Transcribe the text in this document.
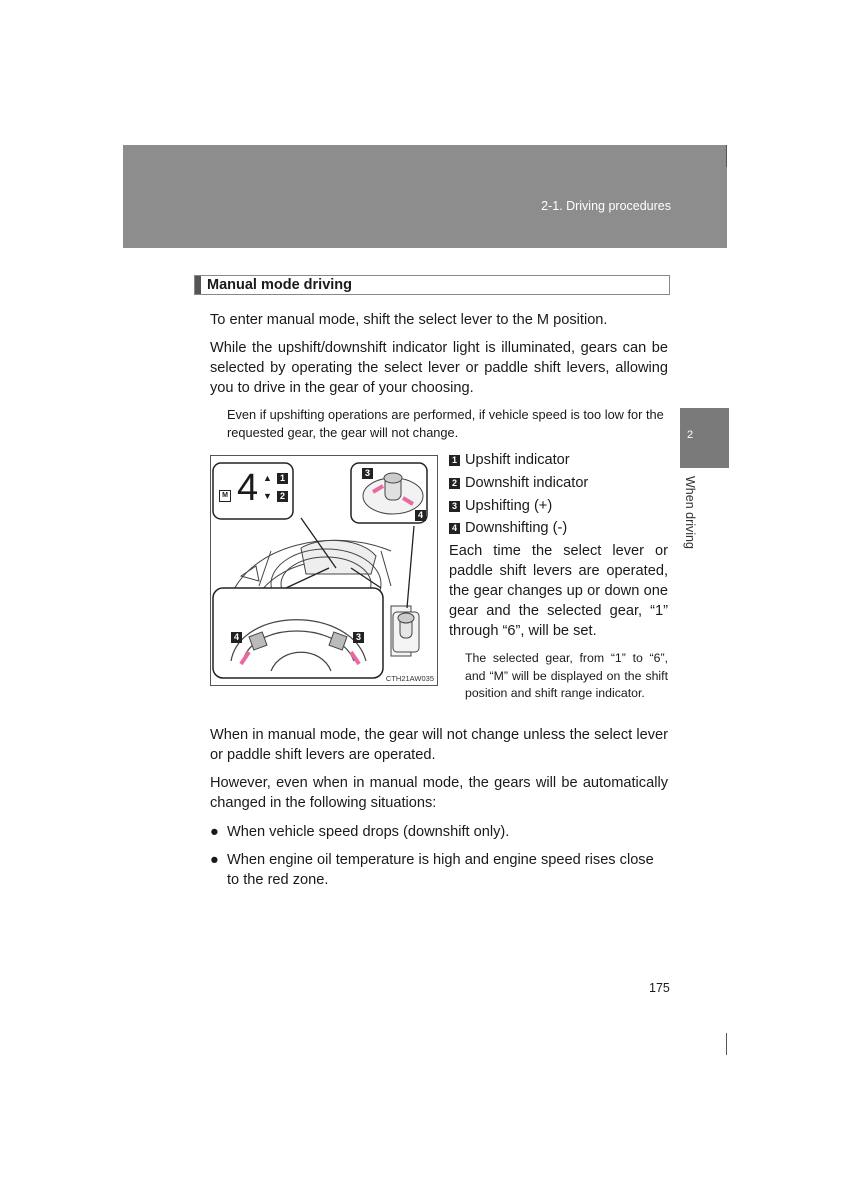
2-1. Driving procedures
2
When driving
Manual mode driving

To enter manual mode, shift the select lever to the M position.

While the upshift/downshift indicator light is illuminated, gears can be selected by operating the select lever or paddle shift levers, allowing you to drive in the gear of your choosing.

Even if upshifting operations are performed, if vehicle speed is too low for the requested gear, the gear will not change.

M 4 ▲
▼
1
2
3
4
4	3
CTH21AW035
1 Upshift indicator
2 Downshift indicator
3 Upshifting (+)
4 Downshifting (-)

Each time the select lever or paddle shift levers are operated, the gear changes up or down one gear and the selected gear, “1” through “6”, will be set.

The selected gear, from “1” to “6”, and “M” will be displayed on the shift position and shift range indicator.

When in manual mode, the gear will not change unless the select lever or paddle shift levers are operated.

However, even when in manual mode, the gears will be automatically changed in the following situations:

● When vehicle speed drops (downshift only).
● When engine oil temperature is high and engine speed rises close to the red zone.
175
